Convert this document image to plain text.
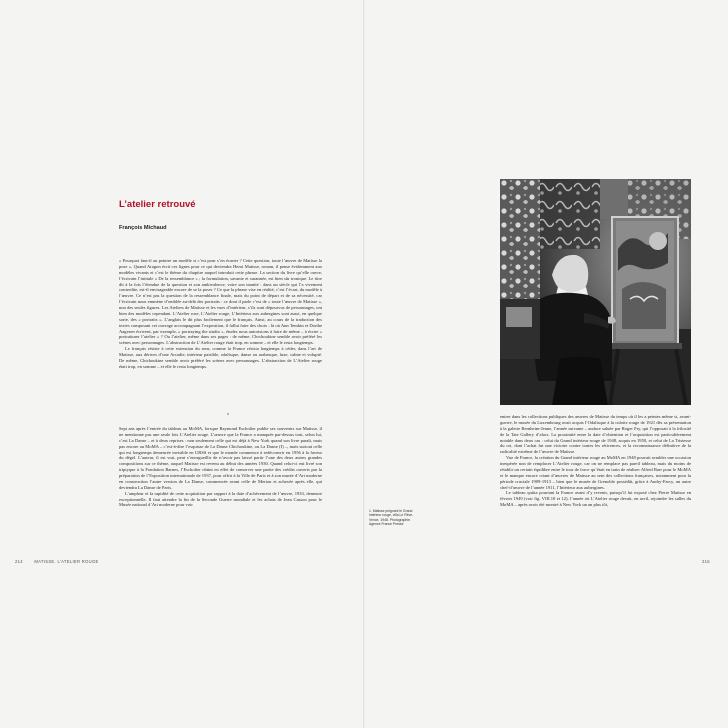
L’atelier retrouvé
François Michaud

« Pourquoi faut-il au peintre un modèle si c’est pour s’en écarter ? Cette question, toute l’œuvre de Matisse la pose », Quand Aragon écrit ces lignes pour ce qui deviendra Henri Matisse, roman, il pense évidemment aux modèles vivants et c’est le thème du chapitre auquel introduit cette phrase. La section du livre qu’elle ouvre, l’écrivain l’intitule « De la ressemblance » ; la formulation, savante et surannée, est bien sûr ironique. Le titre dit à la fois l’étendue de la question et son ambivalence, voire son inanité : dans un siècle qui l’a vivement contredite, est-il envisageable encore de se la poser ? Ce que la phrase vise en réalité, c’est l’écart, du modèle à l’œuvre. Ce n’est pas la question de la ressemblance finale, mais du point de départ et de sa nécessité, car l’écrivain nous emmène d’emblée au-delà des portraits : ce dont il parle c’est de « toute l’œuvre de Matisse », non des seules figures. Les Ateliers de Matisse et les vues d’intérieur, s’ils sont dépourvus de personnages, ont bien des modèles cependant. L’Atelier rose, L’Atelier rouge, L’Intérieur aux aubergines sont aussi, en quelque sorte, des « portraits ». L’anglais le dit plus facilement que le français. Ainsi, au cours de la traduction des textes composant cet ouvrage accompagnant l’exposition, il fallut faire des choix : là où Ann Temkin et Dorthe Aagesen écrivent, par exemple, « portraying the studio », études nous autorisions à faire de même – à écrire « portraiturer l’atelier » ? Ou l’atelier, même dans ses pages : de même, Chrchoukine semble avoir préféré les scènes avec personnages. L’abstraction de L’Atelier rouge était trop, en somme – et elle le resta longtemps.

Le français résiste à cette extension du sens, comme la France résista longtemps à céder, dans l’art de Matisse, aux dérives d’une Arcadie, intérieur paisible, odalisque, danse ou arabesque, luxe, calme et volupté. De même, Chtchoukine semble avoir préféré les scènes avec personnages. L’abstraction de L’Atelier rouge était trop, en somme – et elle le resta longtemps.

*

Sept ans après l’entrée du tableau au MoMA, lorsque Raymond Escholier publie ses souvenirs sur Matisse, il ne mentionne pas une seule fois L’Atelier rouge. L’œuvre que la France a manquée par-dessus tout, selon lui, c’est La Danse – et à deux reprises : non seulement celle qui est déjà à New York quand son livre paraît, mais pas encore au MoMA – c’est-à-dire l’esquisse de La Danse Chtchoukine, ou La Danse (I) –, mais surtout celle qui est longtemps demeurée invisible en URSS et que le monde commence à redécouvrir en 1956 à la faveur du dégel. L’auteur, il est vrai, peut s’enorgueillir de n’avoir pas laissé partir l’une des deux autres grandes compositions sur ce thème, auquel Matisse est revenu au début des années 1930. Quand celui-ci eut livré son triptyque à la Fondation Barnes, l’Escholier obtint en effet de conserver une partie des crédits ouverts par la préparation de l’Exposition internationale de 1937, pour offrir à la Ville de Paris et à son musée d’Art moderne en construction l’autre version de La Danse, commencée avant celle de Merion et achevée après elle, qui deviendra La Danse de Paris.

L’ampleur et la rapidité de cette acquisition par rapport à la date d’achèvement de l’œuvre, 1933, demeure exceptionnelle. Il faut attendre la fin de la Seconde Guerre mondiale et les achats de Jean Cassou pour le Musée national d’Art moderne pour voir

1. Matisse peignant le Grand intérieur rouge, villa Le Rêve, Vence, 1948. Photographie. Agence France Presse

entrer dans les collections publiques des œuvres de Matisse du temps où il les a peintes même si, avant-guerre, le musée du Luxembourg avait acquis l’Odalisque à la culotte rouge de 1921 dès sa présentation à la galerie Bernheim-Jeune, l’année suivante – audace saluée par Roger Fry, qui l’opposait à la frilosité de la Tate Gallery d’alors. La proximité entre la date d’obtention et l’acquisition est particulièrement notable dans deux cas : celui du Grand intérieur rouge de 1948, acquis en 1950, et celui de La Tristesse du roi, dont l’achat fut une victoire contre toutes les réticences, et la reconnaissance définitive de la radicalité extrême de l’œuvre de Matisse.

Vue de France, la création du Grand intérieur rouge au MoMA en 1948 pouvait sembler une occasion inespérée non de remplacer L’Atelier rouge, car on ne remplace pas pareil tableau, mais du moins de rétablir un certain équilibre entre le tour de force qu’était en train de réaliser Alfred Barr pour le MoMA et le manque encore criant d’œuvres de Matisse au sein des collections françaises, notamment pour la période cruciale 1909-1913 – bien que le musée de Grenoble possédât, grâce à Andry-Farcy, un autre chef-d’œuvre de l’année 1911, l’Intérieur aux aubergines.

Le tableau quitta pourtant la France avant d’y revenir, puisqu’il fut exposé chez Pierre Matisse en février 1949 (voir fig. VIII.10 et 12), l’année où L’Atelier rouge devait, en avril, rejoindre les salles du MoMA – après avoir été montré à New York un an plus tôt,

214	MATISSE. L’ATELIER ROUGE	215
